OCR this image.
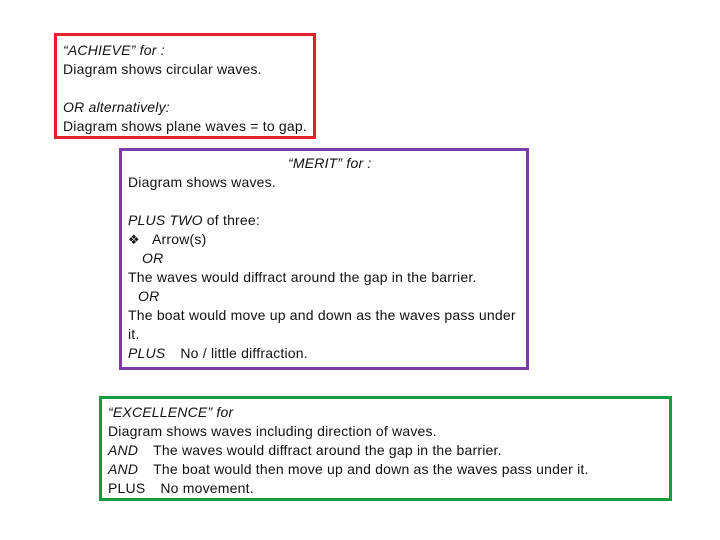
“ACHIEVE” for :
Diagram shows circular waves.
OR alternatively:
Diagram shows plane waves = to gap.
“MERIT” for :
Diagram shows waves.
PLUS TWO of three:
❖ Arrow(s)
OR
The waves would diffract around the gap in the barrier.
OR
The boat would move up and down as the waves pass under
it.
PLUS No / little diffraction.
“EXCELLENCE” for
Diagram shows waves including direction of waves.
AND The waves would diffract around the gap in the barrier.
AND The boat would then move up and down as the waves pass under it.
PLUS No movement.
